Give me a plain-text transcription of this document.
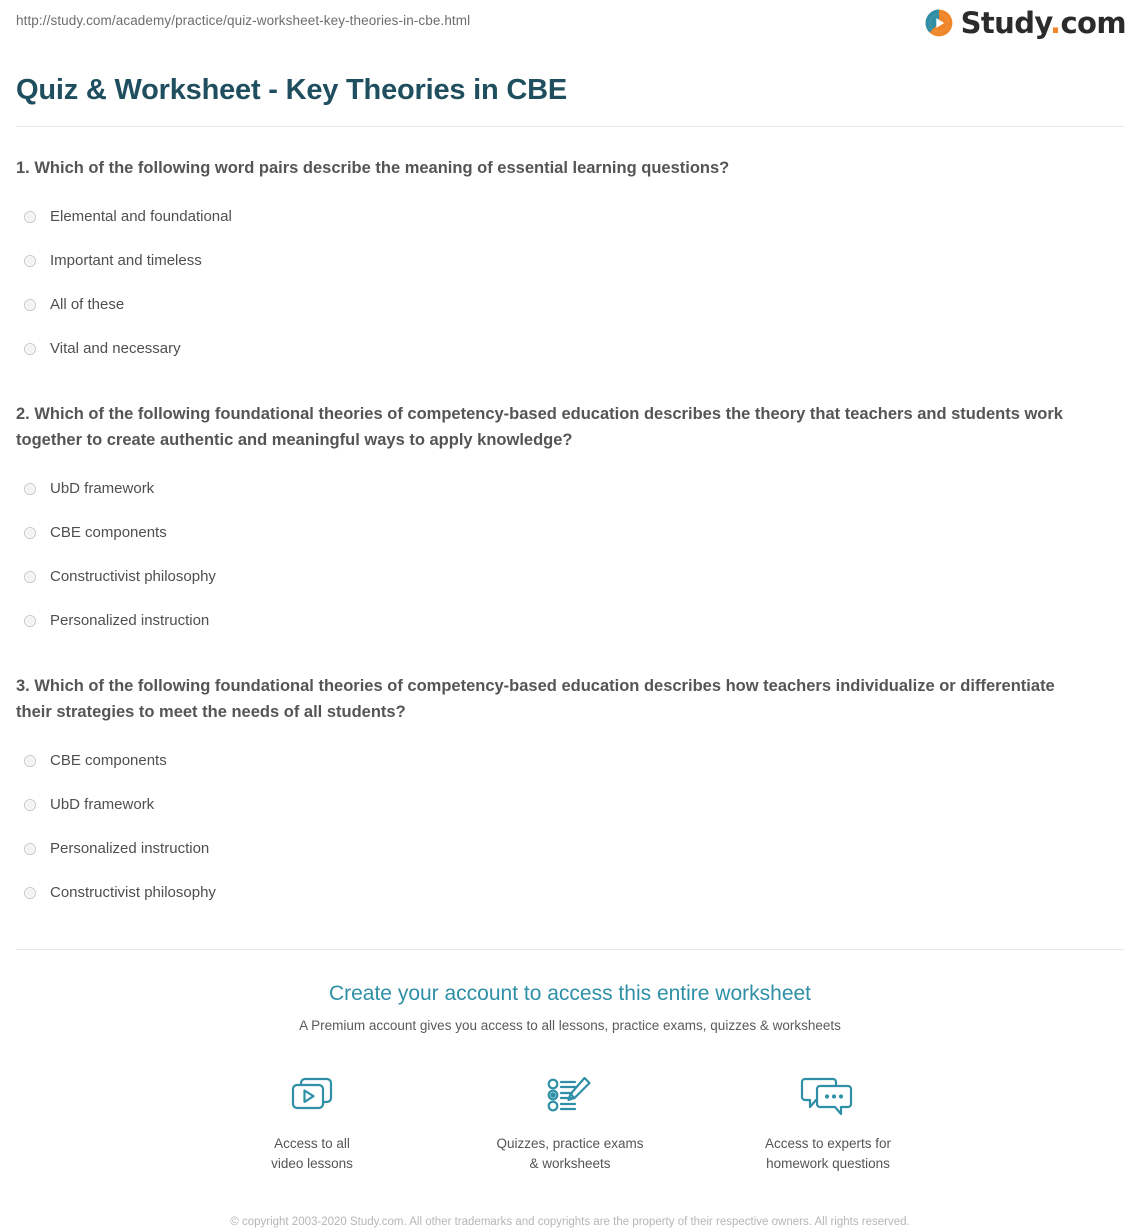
http://study.com/academy/practice/quiz-worksheet-key-theories-in-cbe.html	Study.com
Quiz & Worksheet - Key Theories in CBE

1. Which of the following word pairs describe the meaning of essential learning questions?

Elemental and foundational
Important and timeless
All of these
Vital and necessary

2. Which of the following foundational theories of competency-based education describes the theory that teachers and students work together to create authentic and meaningful ways to apply knowledge?

UbD framework
CBE components
Constructivist philosophy
Personalized instruction

3. Which of the following foundational theories of competency-based education describes how teachers individualize or differentiate their strategies to meet the needs of all students?

CBE components
UbD framework
Personalized instruction
Constructivist philosophy
Create your account to access this entire worksheet
A Premium account gives you access to all lessons, practice exams, quizzes & worksheets
Access to all
video lessons
Quizzes, practice exams
& worksheets
Access to experts for
homework questions
© copyright 2003-2020 Study.com. All other trademarks and copyrights are the property of their respective owners. All rights reserved.
